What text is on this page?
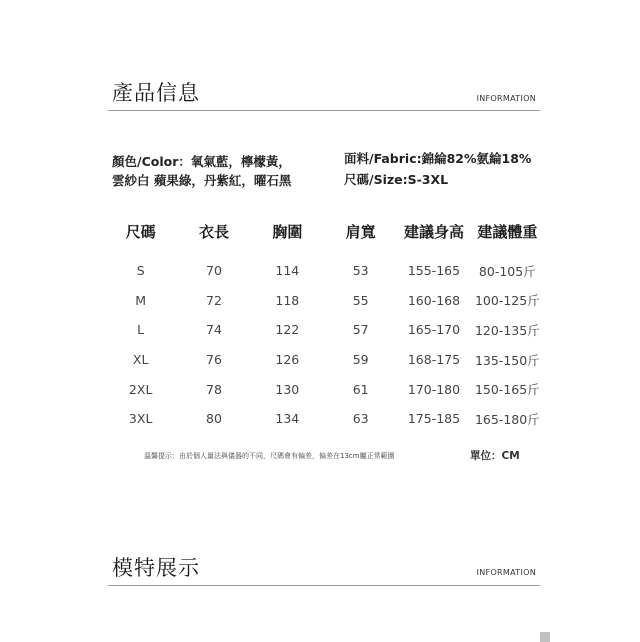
產品信息	INFORMATION
顏色/Color：氧氣藍，檸檬黃，
雲紗白 蘋果綠，丹紫紅，曜石黑
面料/Fabric:錦綸82%氨綸18%
尺碼/Size:S-3XL
尺碼	衣長	胸圍	肩寬	建議身高	建議體重
S	70	114	53	155-165	80-105斤
M	72	118	55	160-168	100-125斤
L	74	122	57	165-170	120-135斤
XL	76	126	59	168-175	135-150斤
2XL	78	130	61	170-180	150-165斤
3XL	80	134	63	175-185	165-180斤
溫馨提示：由於個人量法與儀器的不同，尺碼會有偏差，偏差在13cm屬正常範圍	單位：CM
模特展示	INFORMATION
